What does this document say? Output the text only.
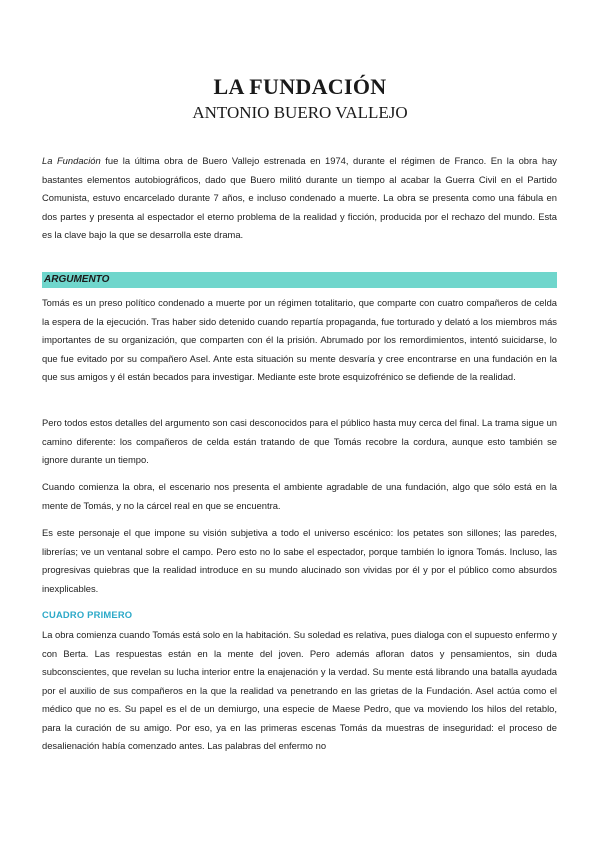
LA FUNDACIÓN
ANTONIO BUERO VALLEJO

La Fundación fue la última obra de Buero Vallejo estrenada en 1974, durante el régimen de Franco. En la obra hay bastantes elementos autobiográficos, dado que Buero militó durante un tiempo al acabar la Guerra Civil en el Partido Comunista, estuvo encarcelado durante 7 años, e incluso condenado a muerte. La obra se presenta como una fábula en dos partes y presenta al espectador el eterno problema de la realidad y ficción, producida por el rechazo del mundo. Esta es la clave bajo la que se desarrolla este drama.

ARGUMENTO

Tomás es un preso político condenado a muerte por un régimen totalitario, que comparte con cuatro compañeros de celda la espera de la ejecución. Tras haber sido detenido cuando repartía propaganda, fue torturado y delató a los miembros más importantes de su organización, que comparten con él la prisión. Abrumado por los remordimientos, intentó suicidarse, lo que fue evitado por su compañero Asel. Ante esta situación su mente desvaría y cree encontrarse en una fundación en la que sus amigos y él están becados para investigar. Mediante este brote esquizofrénico se defiende de la realidad.

Pero todos estos detalles del argumento son casi desconocidos para el público hasta muy cerca del final. La trama sigue un camino diferente: los compañeros de celda están tratando de que Tomás recobre la cordura, aunque esto también se ignore durante un tiempo.

Cuando comienza la obra, el escenario nos presenta el ambiente agradable de una fundación, algo que sólo está en la mente de Tomás, y no la cárcel real en que se encuentra.

Es este personaje el que impone su visión subjetiva a todo el universo escénico: los petates son sillones; las paredes, librerías; ve un ventanal sobre el campo. Pero esto no lo sabe el espectador, porque también lo ignora Tomás. Incluso, las progresivas quiebras que la realidad introduce en su mundo alucinado son vividas por él y por el público como absurdos inexplicables.

CUADRO PRIMERO

La obra comienza cuando Tomás está solo en la habitación. Su soledad es relativa, pues dialoga con el supuesto enfermo y con Berta. Las respuestas están en la mente del joven. Pero además afloran datos y pensamientos, sin duda subconscientes, que revelan su lucha interior entre la enajenación y la verdad. Su mente está librando una batalla ayudada por el auxilio de sus compañeros en la que la realidad va penetrando en las grietas de la Fundación. Asel actúa como el médico que no es. Su papel es el de un demiurgo, una especie de Maese Pedro, que va moviendo los hilos del retablo, para la curación de su amigo. Por eso, ya en las primeras escenas Tomás da muestras de inseguridad: el proceso de desalienación había comenzado antes. Las palabras del enfermo no
